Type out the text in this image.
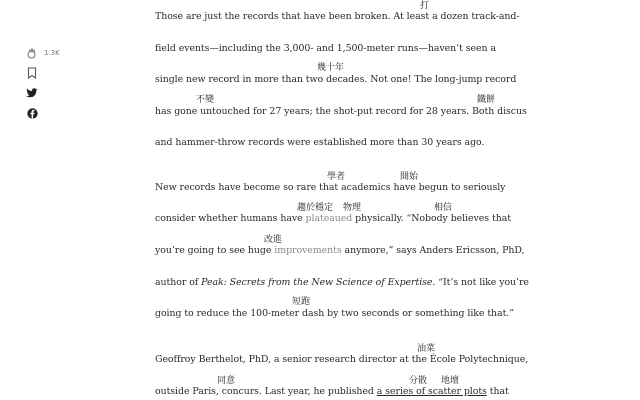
1.3K
Those are just the records that have been broken. At least a dozen track-and-
field events—including the 3,000- and 1,500-meter runs—haven’t seen a
single new record in more than two decades. Not one! The long-jump record
has gone untouched for 27 years; the shot-put record for 28 years. Both discus
and hammer-throw records were established more than 30 years ago.
New records have become so rare that academics have begun to seriously
consider whether humans have plateaued physically. “Nobody believes that
you’re going to see huge improvements anymore,” says Anders Ericsson, PhD,
author of Peak: Secrets from the New Science of Expertise. “It’s not like you’re
going to reduce the 100-meter dash by two seconds or something like that.”
Geoffroy Berthelot, PhD, a senior research director at the École Polytechnique,
outside Paris, concurs. Last year, he published a series of scatter plots that
打
幾十年
不變	鐵餅
學者	開始
趨於穩定 物理	相信
改進
短跑
油菜
同意	分散 地壇
